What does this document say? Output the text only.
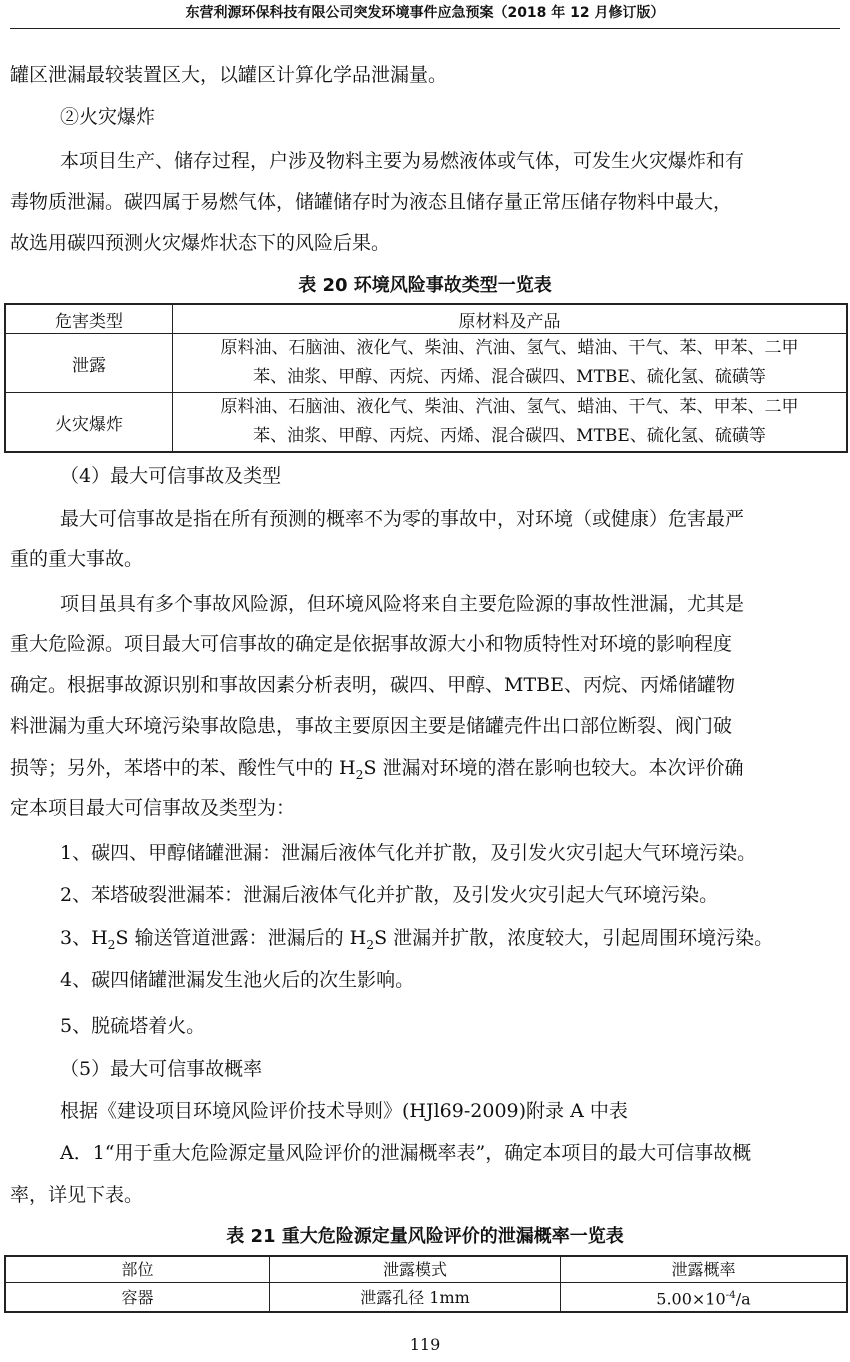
东营利源环保科技有限公司突发环境事件应急预案（2018 年 12 月修订版）
罐区泄漏最较装置区大，以罐区计算化学品泄漏量。
②火灾爆炸
本项目生产、储存过程，户涉及物料主要为易燃液体或气体，可发生火灾爆炸和有
毒物质泄漏。碳四属于易燃气体，储罐储存时为液态且储存量正常压储存物料中最大，
故选用碳四预测火灾爆炸状态下的风险后果。
表 20 环境风险事故类型一览表
危害类型	原材料及产品
泄露	原料油、石脑油、液化气、柴油、汽油、氢气、蜡油、干气、苯、甲苯、二甲
苯、油浆、甲醇、丙烷、丙烯、混合碳四、MTBE、硫化氢、硫磺等

火灾爆炸	原料油、石脑油、液化气、柴油、汽油、氢气、蜡油、干气、苯、甲苯、二甲
苯、油浆、甲醇、丙烷、丙烯、混合碳四、MTBE、硫化氢、硫磺等
（4）最大可信事故及类型
最大可信事故是指在所有预测的概率不为零的事故中，对环境（或健康）危害最严
重的重大事故。
项目虽具有多个事故风险源，但环境风险将来自主要危险源的事故性泄漏，尤其是
重大危险源。项目最大可信事故的确定是依据事故源大小和物质特性对环境的影响程度
确定。根据事故源识别和事故因素分析表明，碳四、甲醇、MTBE、丙烷、丙烯储罐物
料泄漏为重大环境污染事故隐患，事故主要原因主要是储罐壳件出口部位断裂、阀门破
损等；另外，苯塔中的苯、酸性气中的 $H_2S$ 泄漏对环境的潜在影响也较大。本次评价确
定本项目最大可信事故及类型为：
1、碳四、甲醇储罐泄漏：泄漏后液体气化并扩散，及引发火灾引起大气环境污染。
2、苯塔破裂泄漏苯：泄漏后液体气化并扩散，及引发火灾引起大气环境污染。
3、$H_2S$ 输送管道泄露：泄漏后的 $H_2S$ 泄漏并扩散，浓度较大，引起周围环境污染。
4、碳四储罐泄漏发生池火后的次生影响。
5、脱硫塔着火。
（5）最大可信事故概率
根据《建设项目环境风险评价技术导则》(HJl69-2009)附录 A 中表
A．1“用于重大危险源定量风险评价的泄漏概率表”，确定本项目的最大可信事故概
率，详见下表。
表 21 重大危险源定量风险评价的泄漏概率一览表
部位	泄露模式	泄露概率
容器	泄露孔径 1mm	$5.00\times 10^{-4}/a$
119
